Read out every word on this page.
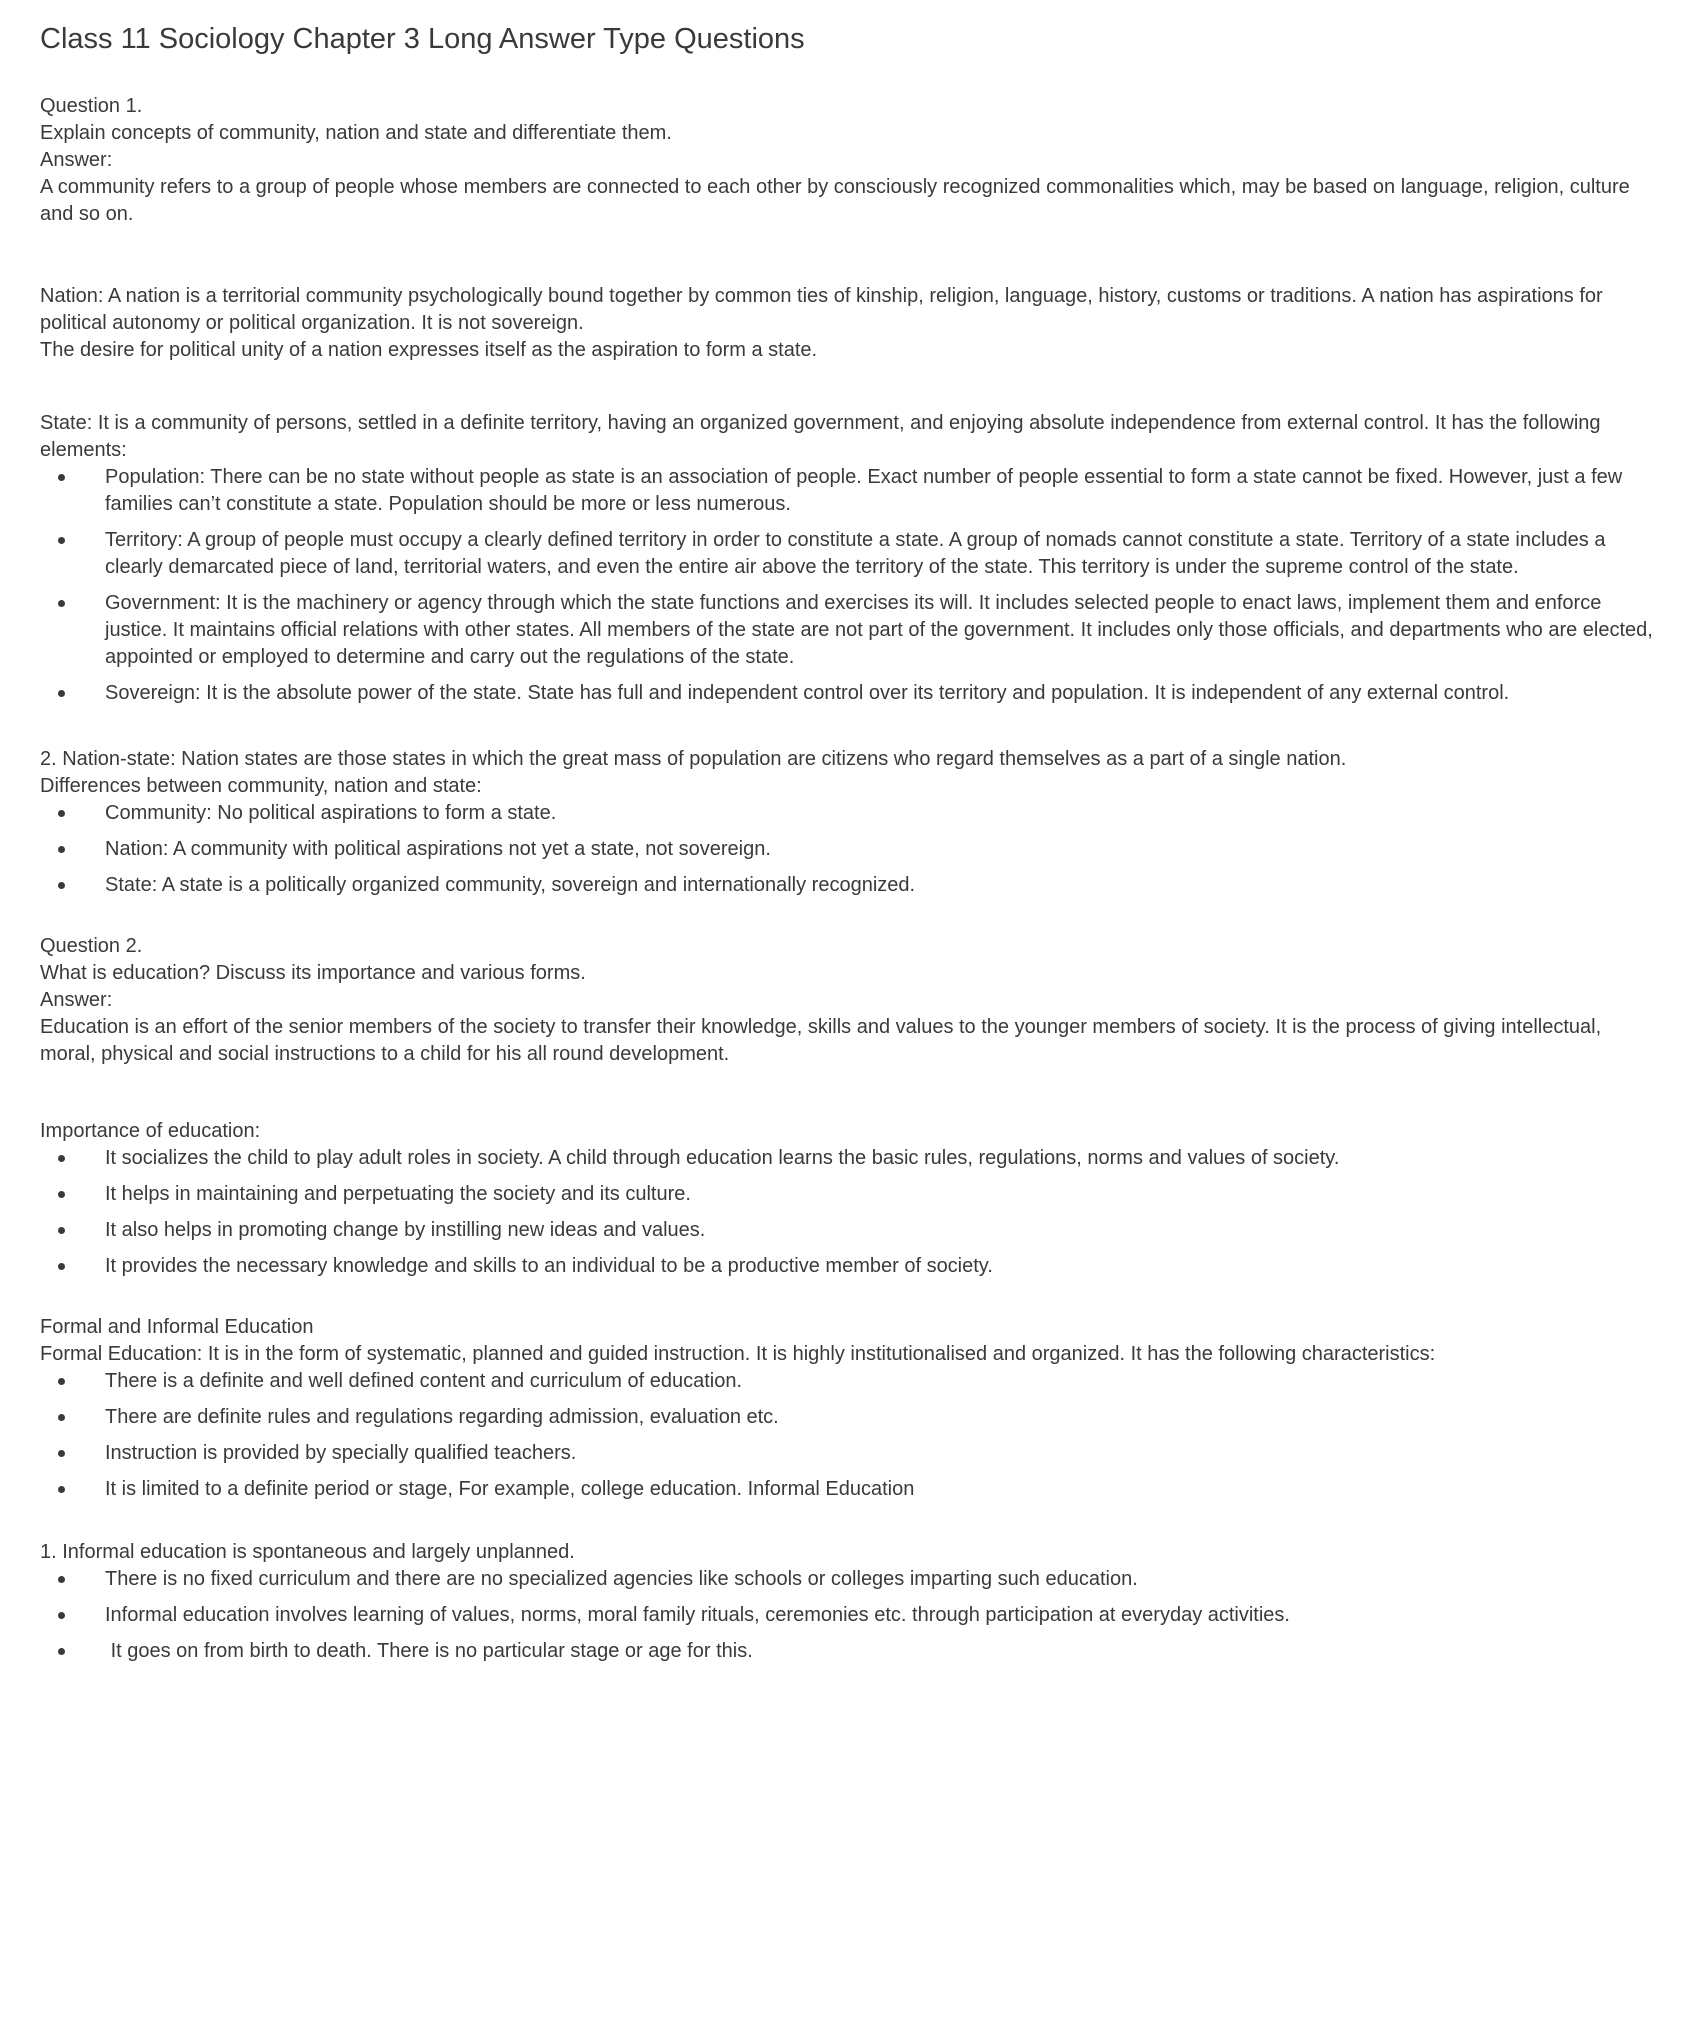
Class 11 Sociology Chapter 3 Long Answer Type Questions
Question 1.
Explain concepts of community, nation and state and differentiate them.
Answer:
A community refers to a group of people whose members are connected to each other by consciously recognized commonalities which, may be based on language, religion, culture and so on.
Nation: A nation is a territorial community psychologically bound together by common ties of kinship, religion, language, history, customs or traditions. A nation has aspirations for political autonomy or political organization. It is not sovereign.
The desire for political unity of a nation expresses itself as the aspiration to form a state.
State: It is a community of persons, settled in a definite territory, having an organized government, and enjoying absolute independence from external control. It has the following elements:
Population: There can be no state without people as state is an association of people. Exact number of people essential to form a state cannot be fixed. However, just a few families can’t constitute a state. Population should be more or less numerous.
Territory: A group of people must occupy a clearly defined territory in order to constitute a state. A group of nomads cannot constitute a state. Territory of a state includes a clearly demarcated piece of land, territorial waters, and even the entire air above the territory of the state. This territory is under the supreme control of the state.
Government: It is the machinery or agency through which the state functions and exercises its will. It includes selected people to enact laws, implement them and enforce justice. It maintains official relations with other states. All members of the state are not part of the government. It includes only those officials, and departments who are elected, appointed or employed to determine and carry out the regulations of the state.
Sovereign: It is the absolute power of the state. State has full and independent control over its territory and population. It is independent of any external control.
2. Nation-state: Nation states are those states in which the great mass of population are citizens who regard themselves as a part of a single nation.
Differences between community, nation and state:
Community: No political aspirations to form a state.
Nation: A community with political aspirations not yet a state, not sovereign.
State: A state is a politically organized community, sovereign and internationally recognized.
Question 2.
What is education? Discuss its importance and various forms.
Answer:
Education is an effort of the senior members of the society to transfer their knowledge, skills and values to the younger members of society. It is the process of giving intellectual, moral, physical and social instructions to a child for his all round development.
Importance of education:
It socializes the child to play adult roles in society. A child through education learns the basic rules, regulations, norms and values of society.
It helps in maintaining and perpetuating the society and its culture.
It also helps in promoting change by instilling new ideas and values.
It provides the necessary knowledge and skills to an individual to be a productive member of society.
Formal and Informal Education
Formal Education: It is in the form of systematic, planned and guided instruction. It is highly institutionalised and organized. It has the following characteristics:
There is a definite and well defined content and curriculum of education.
There are definite rules and regulations regarding admission, evaluation etc.
Instruction is provided by specially qualified teachers.
It is limited to a definite period or stage, For example, college education. Informal Education
1. Informal education is spontaneous and largely unplanned.
There is no fixed curriculum and there are no specialized agencies like schools or colleges imparting such education.
Informal education involves learning of values, norms, moral family rituals, ceremonies etc. through participation at everyday activities.
It goes on from birth to death. There is no particular stage or age for this.
